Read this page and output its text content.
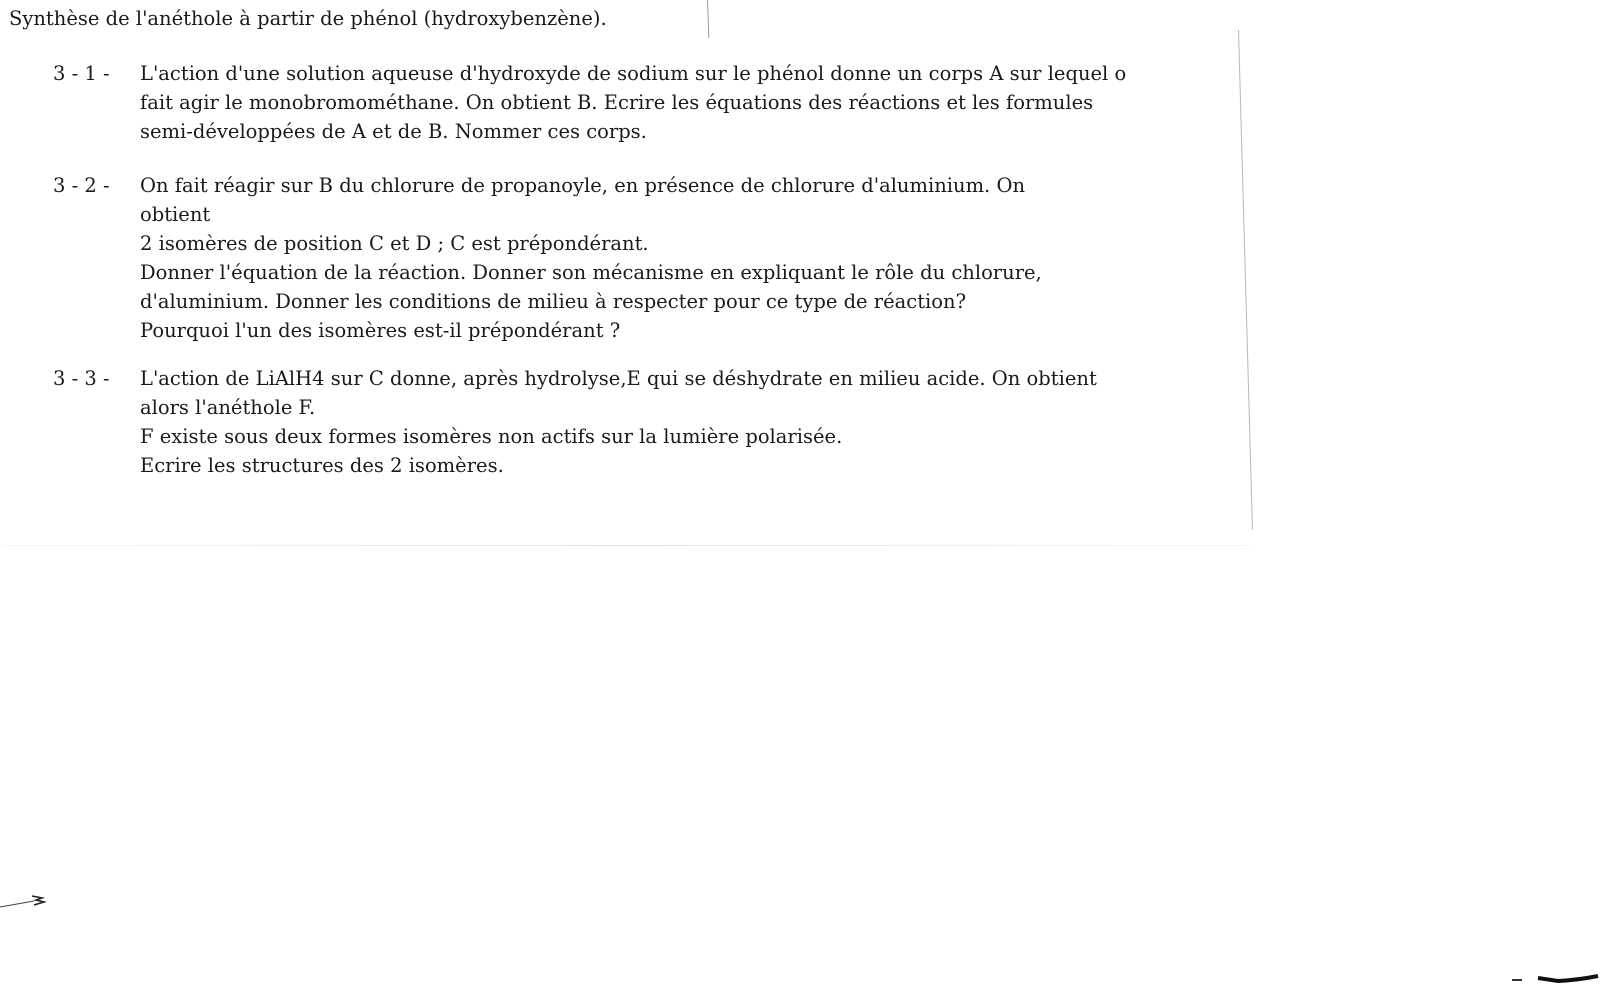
Synthèse de l'anéthole à partir de phénol (hydroxybenzène).
3 - 1 - L'action d'une solution aqueuse d'hydroxyde de sodium sur le phénol donne un corps A sur lequel o
fait agir le monobromométhane. On obtient B. Ecrire les équations des réactions et les formules
semi-développées de A et de B. Nommer ces corps.
3 - 2 - On fait réagir sur B du chlorure de propanoyle, en présence de chlorure d'aluminium. On
obtient
2 isomères de position C et D ; C est prépondérant.
Donner l'équation de la réaction. Donner son mécanisme en expliquant le rôle du chlorure,
d'aluminium. Donner les conditions de milieu à respecter pour ce type de réaction?
Pourquoi l'un des isomères est-il prépondérant ?
3 - 3 - L'action de LiAlH4 sur C donne, après hydrolyse,E qui se déshydrate en milieu acide. On obtient
alors l'anéthole F.
F existe sous deux formes isomères non actifs sur la lumière polarisée.
Ecrire les structures des 2 isomères.
